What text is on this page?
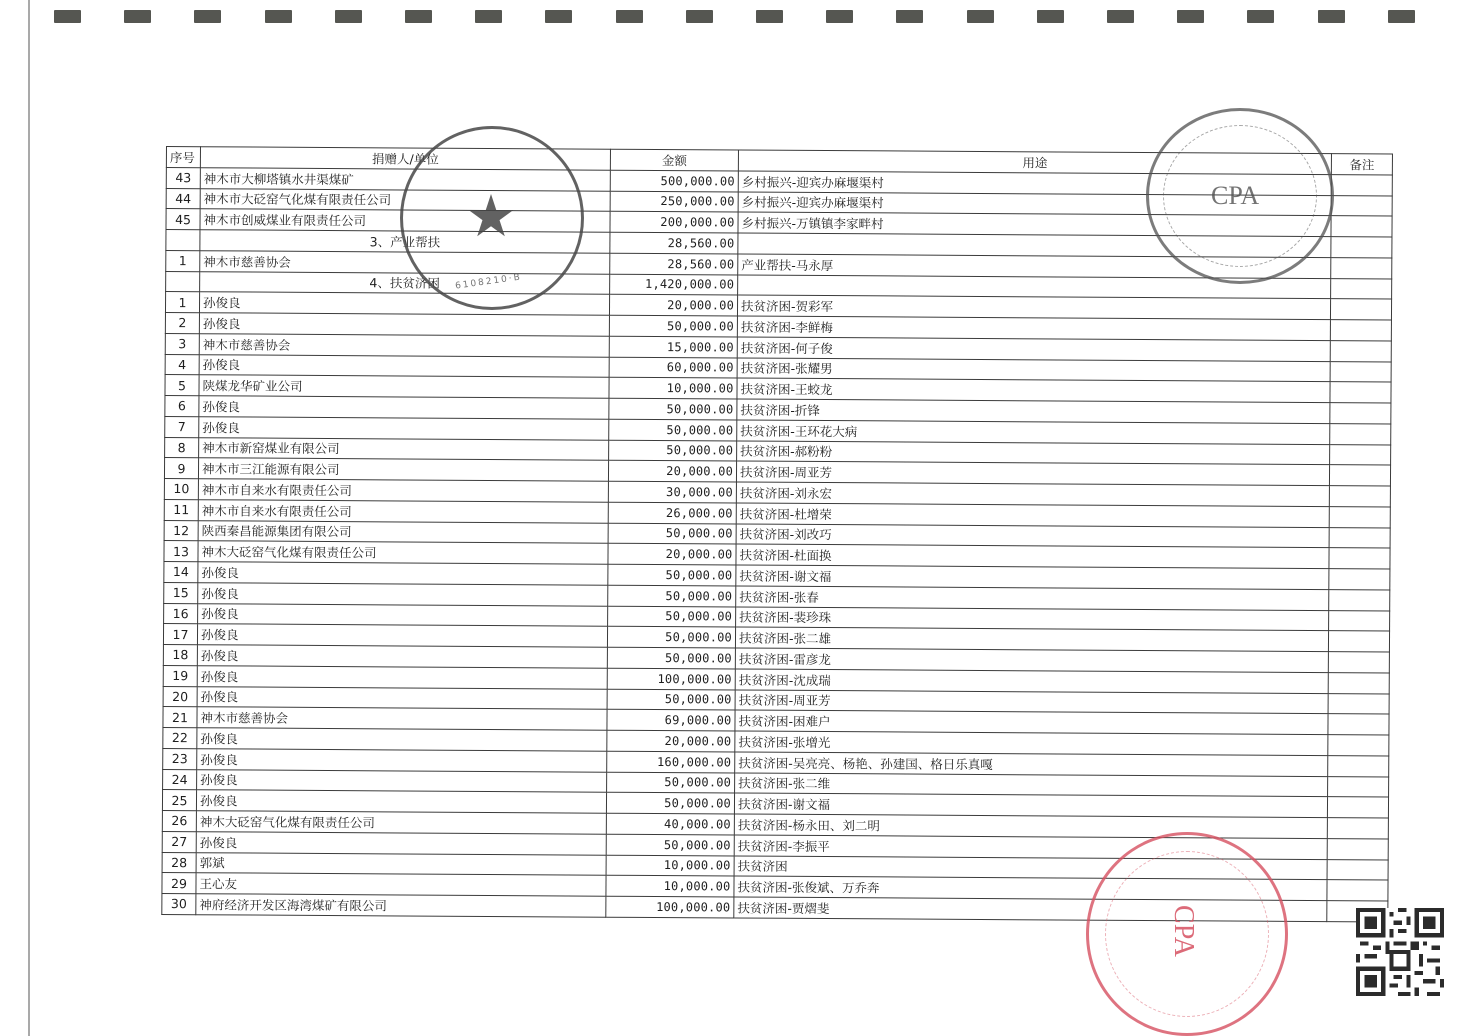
序号	捐赠人/单位	金额	用途	备注
43	神木市大柳塔镇水井渠煤矿	500,000.00	乡村振兴-迎宾办麻堰渠村	
44	神木市大砭窑气化煤有限责任公司	250,000.00	乡村振兴-迎宾办麻堰渠村	
45	神木市创威煤业有限责任公司	200,000.00	乡村振兴-万镇镇李家畔村	
	3、产业帮扶	28,560.00		
1	神木市慈善协会	28,560.00	产业帮扶-马永厚	
	4、扶贫济困	1,420,000.00		
1	孙俊良	20,000.00	扶贫济困-贺彩军	
2	孙俊良	50,000.00	扶贫济困-李鲜梅	
3	神木市慈善协会	15,000.00	扶贫济困-何子俊	
4	孙俊良	60,000.00	扶贫济困-张耀男	
5	陕煤龙华矿业公司	10,000.00	扶贫济困-王蛟龙	
6	孙俊良	50,000.00	扶贫济困-折锋	
7	孙俊良	50,000.00	扶贫济困-王环花大病	
8	神木市新窑煤业有限公司	50,000.00	扶贫济困-郝粉粉	
9	神木市三江能源有限公司	20,000.00	扶贫济困-周亚芳	
10	神木市自来水有限责任公司	30,000.00	扶贫济困-刘永宏	
11	神木市自来水有限责任公司	26,000.00	扶贫济困-杜增荣	
12	陕西秦昌能源集团有限公司	50,000.00	扶贫济困-刘改巧	
13	神木大砭窑气化煤有限责任公司	20,000.00	扶贫济困-杜面换	
14	孙俊良	50,000.00	扶贫济困-谢文福	
15	孙俊良	50,000.00	扶贫济困-张春	
16	孙俊良	50,000.00	扶贫济困-裴珍珠	
17	孙俊良	50,000.00	扶贫济困-张二雄	
18	孙俊良	50,000.00	扶贫济困-雷彦龙	
19	孙俊良	100,000.00	扶贫济困-沈成瑞	
20	孙俊良	50,000.00	扶贫济困-周亚芳	
21	神木市慈善协会	69,000.00	扶贫济困-困难户	
22	孙俊良	20,000.00	扶贫济困-张增光	
23	孙俊良	160,000.00	扶贫济困-吴亮亮、杨艳、孙建国、格日乐真嘎	
24	孙俊良	50,000.00	扶贫济困-张二维	
25	孙俊良	50,000.00	扶贫济困-谢文福	
26	神木大砭窑气化煤有限责任公司	40,000.00	扶贫济困-杨永田、刘二明	
27	孙俊良	50,000.00	扶贫济困-李振平	
28	郭斌	10,000.00	扶贫济困	
29	王心友	10,000.00	扶贫济困-张俊斌、万乔奔	
30	神府经济开发区海湾煤矿有限公司	100,000.00	扶贫济困-贾熠斐	
★
6108210·B
CPA
CPA
